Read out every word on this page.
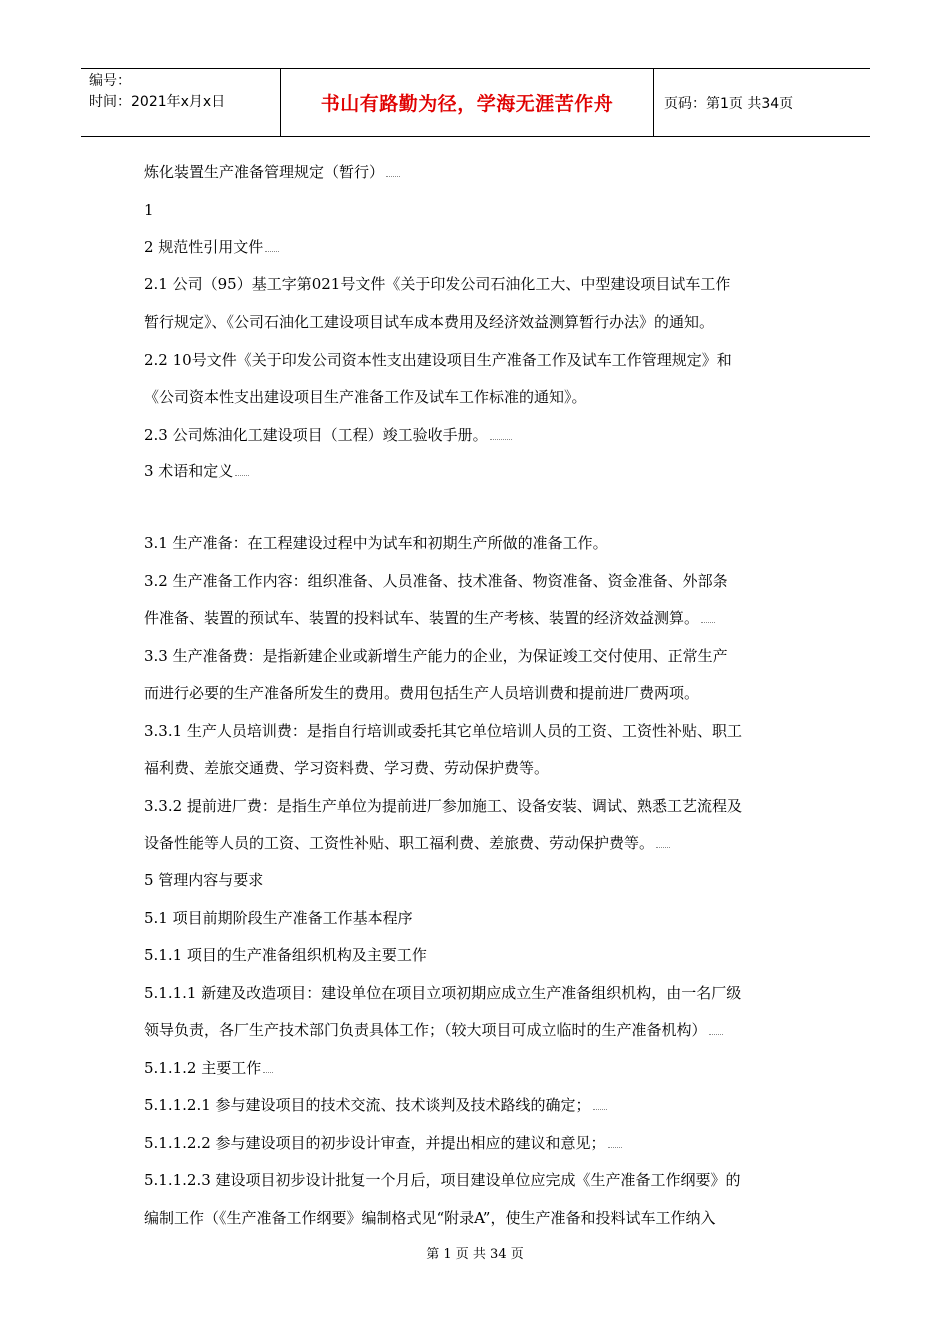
编号：
时间：2021年x月x日	书山有路勤为径，学海无涯苦作舟	页码：第1页 共34页
炼化装置生产准备管理规定（暂行）
1
2 规范性引用文件
2.1 公司（95）基工字第021号文件《关于印发公司石油化工大、中型建设项目试车工作
暂行规定》、《公司石油化工建设项目试车成本费用及经济效益测算暂行办法》的通知。
2.2 10号文件《关于印发公司资本性支出建设项目生产准备工作及试车工作管理规定》和
《公司资本性支出建设项目生产准备工作及试车工作标准的通知》。
2.3 公司炼油化工建设项目（工程）竣工验收手册。
3 术语和定义
3.1 生产准备：在工程建设过程中为试车和初期生产所做的准备工作。
3.2 生产准备工作内容：组织准备、人员准备、技术准备、物资准备、资金准备、外部条
件准备、装置的预试车、装置的投料试车、装置的生产考核、装置的经济效益测算。
3.3 生产准备费：是指新建企业或新增生产能力的企业，为保证竣工交付使用、正常生产
而进行必要的生产准备所发生的费用。费用包括生产人员培训费和提前进厂费两项。
3.3.1 生产人员培训费：是指自行培训或委托其它单位培训人员的工资、工资性补贴、职工
福利费、差旅交通费、学习资料费、学习费、劳动保护费等。
3.3.2 提前进厂费：是指生产单位为提前进厂参加施工、设备安装、调试、熟悉工艺流程及
设备性能等人员的工资、工资性补贴、职工福利费、差旅费、劳动保护费等。
5 管理内容与要求
5.1 项目前期阶段生产准备工作基本程序
5.1.1 项目的生产准备组织机构及主要工作
5.1.1.1 新建及改造项目：建设单位在项目立项初期应成立生产准备组织机构，由一名厂级
领导负责，各厂生产技术部门负责具体工作；（较大项目可成立临时的生产准备机构）
5.1.1.2 主要工作
5.1.1.2.1 参与建设项目的技术交流、技术谈判及技术路线的确定；
5.1.1.2.2 参与建设项目的初步设计审查，并提出相应的建议和意见；
5.1.1.2.3 建设项目初步设计批复一个月后，项目建设单位应完成《生产准备工作纲要》的
编制工作（《生产准备工作纲要》编制格式见“附录A”，使生产准备和投料试车工作纳入
第 1 页 共 34 页
